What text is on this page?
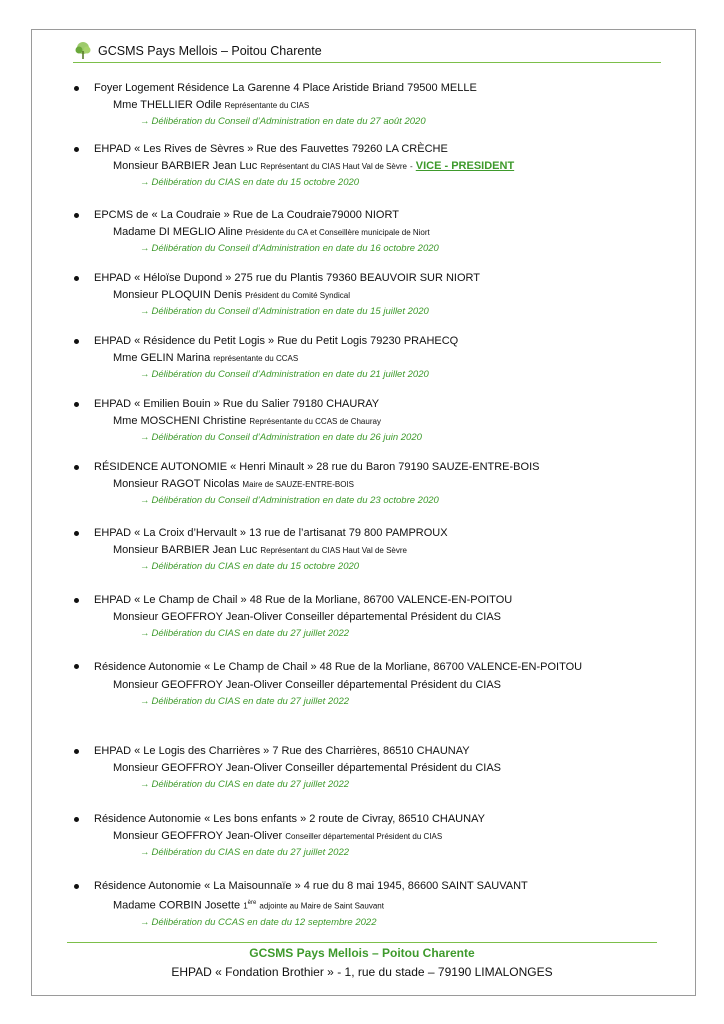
GCSMS Pays Mellois – Poitou Charente
Foyer Logement Résidence La Garenne 4 Place Aristide Briand 79500 MELLE
Mme THELLIER Odile Représentante du CIAS
→ Délibération du Conseil d’Administration en date du 27 août 2020
EHPAD « Les Rives de Sèvres » Rue des Fauvettes 79260 LA CRÈCHE
Monsieur BARBIER Jean Luc Représentant du CIAS Haut Val de Sèvre - VICE - PRESIDENT
→ Délibération du CIAS en date du 15 octobre 2020
EPCMS de « La Coudraie » Rue de La Coudraie79000 NIORT
Madame DI MEGLIO Aline Présidente du CA et Conseillère municipale de Niort
→ Délibération du Conseil d’Administration en date du 16 octobre 2020
EHPAD « Héloïse Dupond » 275 rue du Plantis 79360 BEAUVOIR SUR NIORT
Monsieur PLOQUIN Denis Président du Comité Syndical
→ Délibération du Conseil d’Administration en date du 15 juillet 2020
EHPAD « Résidence du Petit Logis » Rue du Petit Logis 79230 PRAHECQ
Mme GELIN Marina représentante du CCAS
→ Délibération du Conseil d’Administration en date du 21 juillet 2020
EHPAD « Emilien Bouin » Rue du Salier 79180 CHAURAY
Mme MOSCHENI Christine Représentante du CCAS de Chauray
→ Délibération du Conseil d’Administration en date du 26 juin 2020
RÉSIDENCE AUTONOMIE « Henri Minault » 28 rue du Baron 79190 SAUZE-ENTRE-BOIS
Monsieur RAGOT Nicolas Maire de SAUZE-ENTRE-BOIS
→ Délibération du Conseil d’Administration en date du 23 octobre 2020
EHPAD « La Croix d’Hervault » 13 rue de l’artisanat 79 800 PAMPROUX
Monsieur BARBIER Jean Luc Représentant du CIAS Haut Val de Sèvre
→ Délibération du CIAS en date du 15 octobre 2020
EHPAD « Le Champ de Chail » 48 Rue de la Morliane, 86700 VALENCE-EN-POITOU
Monsieur GEOFFROY Jean-Oliver Conseiller départemental Président du CIAS
→ Délibération du CIAS en date du 27 juillet 2022
Résidence Autonomie « Le Champ de Chail » 48 Rue de la Morliane, 86700 VALENCE-EN-POITOU
Monsieur GEOFFROY Jean-Oliver Conseiller départemental Président du CIAS
→ Délibération du CIAS en date du 27 juillet 2022
EHPAD « Le Logis des Charrières » 7 Rue des Charrières, 86510 CHAUNAY
Monsieur GEOFFROY Jean-Oliver Conseiller départemental Président du CIAS
→ Délibération du CIAS en date du 27 juillet 2022
Résidence Autonomie « Les bons enfants » 2 route de Civray, 86510 CHAUNAY
Monsieur GEOFFROY Jean-Oliver Conseiller départemental Président du CIAS
→ Délibération du CIAS en date du 27 juillet 2022
Résidence Autonomie « La Maisounnaïe » 4 rue du 8 mai 1945, 86600 SAINT SAUVANT
Madame CORBIN Josette 1ère adjointe au Maire de Saint Sauvant
→ Délibération du CCAS en date du 12 septembre 2022
GCSMS Pays Mellois – Poitou Charente
EHPAD « Fondation Brothier » - 1, rue du stade – 79190 LIMALONGES
